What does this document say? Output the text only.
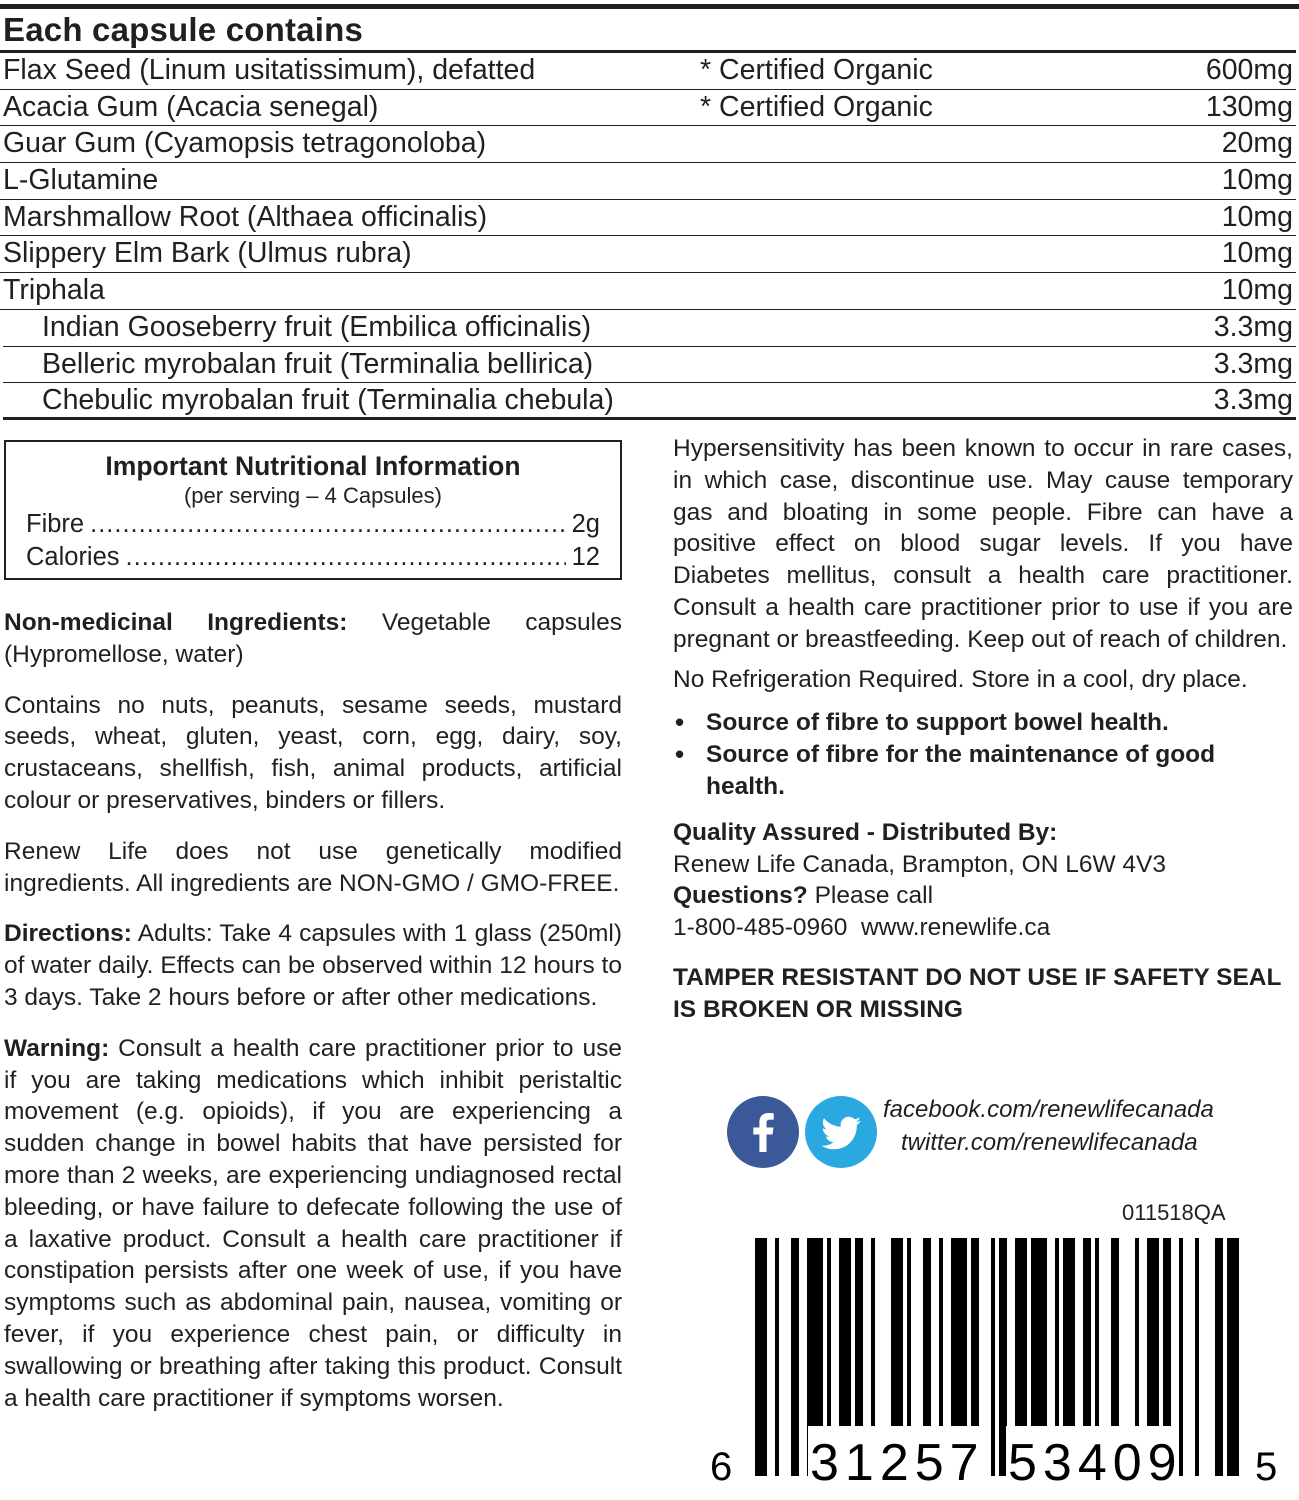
Each capsule contains
Flax Seed (Linum usitatissimum), defatted	* Certified Organic	600mg
Acacia Gum (Acacia senegal)	* Certified Organic	130mg
Guar Gum (Cyamopsis tetragonoloba)	20mg
L-Glutamine	10mg
Marshmallow Root (Althaea officinalis)	10mg
Slippery Elm Bark (Ulmus rubra)	10mg
Triphala	10mg
Indian Gooseberry fruit (Embilica officinalis)	3.3mg
Belleric myrobalan fruit (Terminalia bellirica)	3.3mg
Chebulic myrobalan fruit (Terminalia chebula)	3.3mg
Important Nutritional Information
(per serving – 4 Capsules)
Fibre .....	2g
Calories .....	12

Non-medicinal Ingredients: Vegetable capsules (Hypromellose, water)

Contains no nuts, peanuts, sesame seeds, mustard seeds, wheat, gluten, yeast, corn, egg, dairy, soy, crustaceans, shellfish, fish, animal products, artificial colour or preservatives, binders or fillers.

Renew Life does not use genetically modified ingredients. All ingredients are NON-GMO / GMO-FREE.

Directions: Adults: Take 4 capsules with 1 glass (250ml) of water daily. Effects can be observed within 12 hours to 3 days. Take 2 hours before or after other medications.

Warning: Consult a health care practitioner prior to use if you are taking medications which inhibit peristaltic movement (e.g. opioids), if you are experiencing a sudden change in bowel habits that have persisted for more than 2 weeks, are experiencing undiagnosed rectal bleeding, or have failure to defecate following the use of a laxative product. Consult a health care practitioner if constipation persists after one week of use, if you have symptoms such as abdominal pain, nausea, vomiting or fever, if you experience chest pain, or difficulty in swallowing or breathing after taking this product. Consult a health care practitioner if symptoms worsen.

Hypersensitivity has been known to occur in rare cases, in which case, discontinue use. May cause temporary gas and bloating in some people. Fibre can have a positive effect on blood sugar levels. If you have Diabetes mellitus, consult a health care practitioner. Consult a health care practitioner prior to use if you are pregnant or breastfeeding. Keep out of reach of children.

No Refrigeration Required. Store in a cool, dry place.

• Source of fibre to support bowel health.
• Source of fibre for the maintenance of good health.
Quality Assured - Distributed By:
Renew Life Canada, Brampton, ON L6W 4V3
Questions? Please call
1-800-485-0960  www.renewlife.ca
TAMPER RESISTANT DO NOT USE IF SAFETY SEAL IS BROKEN OR MISSING
facebook.com/renewlifecanada
twitter.com/renewlifecanada
011518QA
6 31257 53409 5
